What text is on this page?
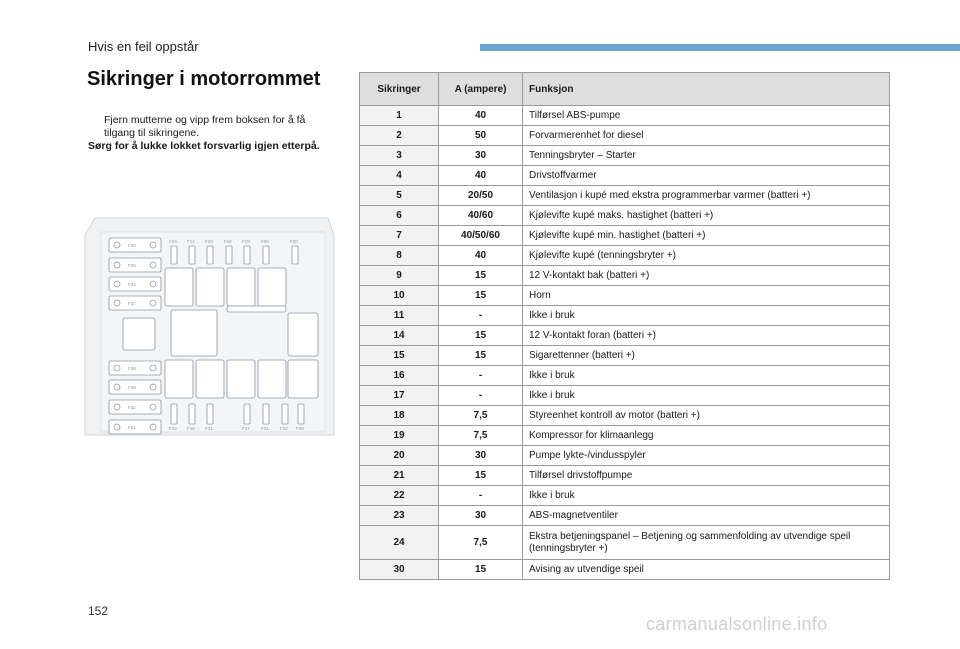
Hvis en feil oppstår
Sikringer i motorrommet
Fjern mutterne og vipp frem boksen for å få
tilgang til sikringene.
Sørg for å lukke lokket forsvarlig igjen etterpå.
F33
F36
F34
F37
F38
F39
F32
F01
F24 F14 F10 F15 F19 F08	F20
F23 F18 F21	F17 F11	F22 F09
Sikringer	A (ampere)	Funksjon
1	40	Tilførsel ABS-pumpe
2	50	Forvarmerenhet for diesel
3	30	Tenningsbryter – Starter
4	40	Drivstoffvarmer
5	20/50	Ventilasjon i kupé med ekstra programmerbar varmer (batteri +)
6	40/60	Kjølevifte kupé maks. hastighet (batteri +)
7	40/50/60	Kjølevifte kupé min. hastighet (batteri +)
8	40	Kjølevifte kupé (tenningsbryter +)
9	15	12 V-kontakt bak (batteri +)
10	15	Horn
11	-	Ikke i bruk
14	15	12 V-kontakt foran (batteri +)
15	15	Sigarettenner (batteri +)
16	-	Ikke i bruk
17	-	Ikke i bruk
18	7,5	Styreenhet kontroll av motor (batteri +)
19	7,5	Kompressor for klimaanlegg
20	30	Pumpe lykte-/vindusspyler
21	15	Tilførsel drivstoffpumpe
22	-	Ikke i bruk
23	30	ABS-magnetventiler
24	7,5	Ekstra betjeningspanel – Betjening og sammenfolding av utvendige speil (tenningsbryter +)
30	15	Avising av utvendige speil
152
carmanualsonline.info
